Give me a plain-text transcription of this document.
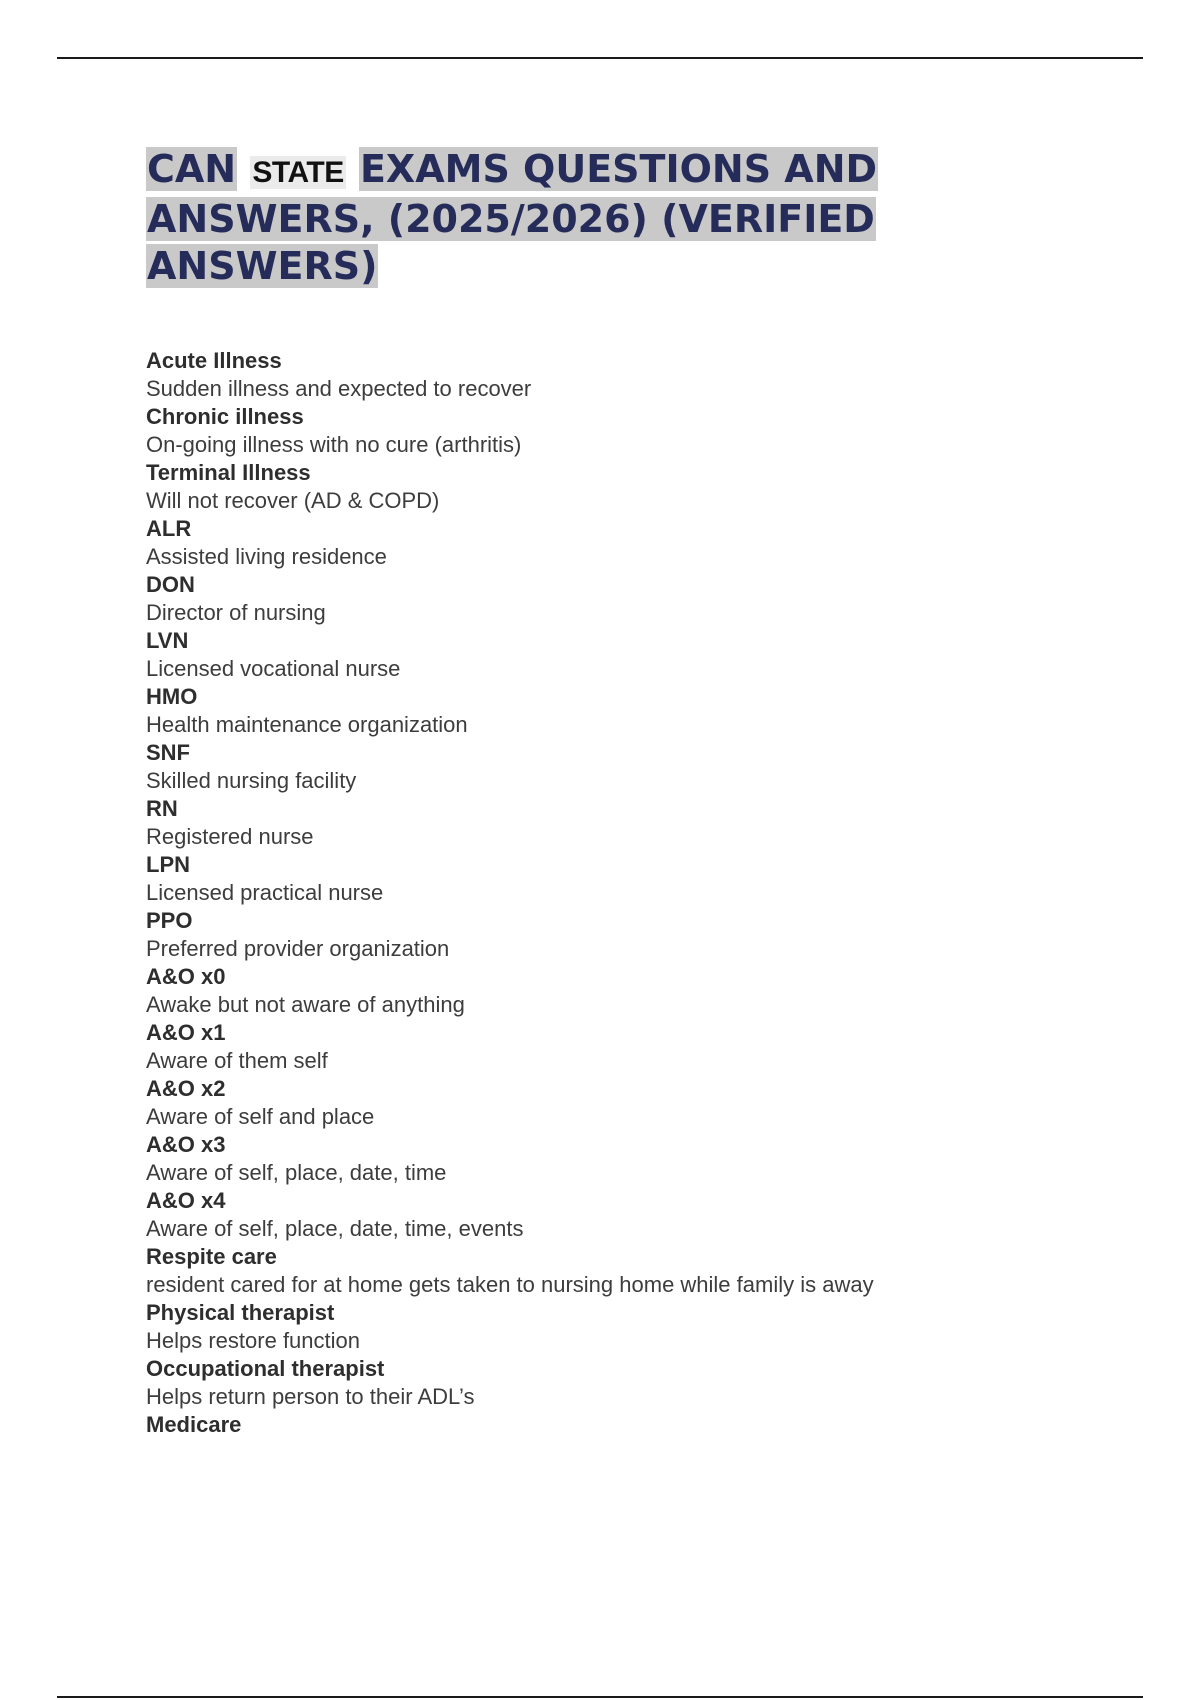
CAN STATE EXAMS QUESTIONS AND ANSWERS, (2025/2026) (VERIFIED ANSWERS)
Acute Illness
Sudden illness and expected to recover
Chronic illness
On-going illness with no cure (arthritis)
Terminal Illness
Will not recover (AD & COPD)
ALR
Assisted living residence
DON
Director of nursing
LVN
Licensed vocational nurse
HMO
Health maintenance organization
SNF
Skilled nursing facility
RN
Registered nurse
LPN
Licensed practical nurse
PPO
Preferred provider organization
A&O x0
Awake but not aware of anything
A&O x1
Aware of them self
A&O x2
Aware of self and place
A&O x3
Aware of self, place, date, time
A&O x4
Aware of self, place, date, time, events
Respite care
resident cared for at home gets taken to nursing home while family is away
Physical therapist
Helps restore function
Occupational therapist
Helps return person to their ADL’s
Medicare
